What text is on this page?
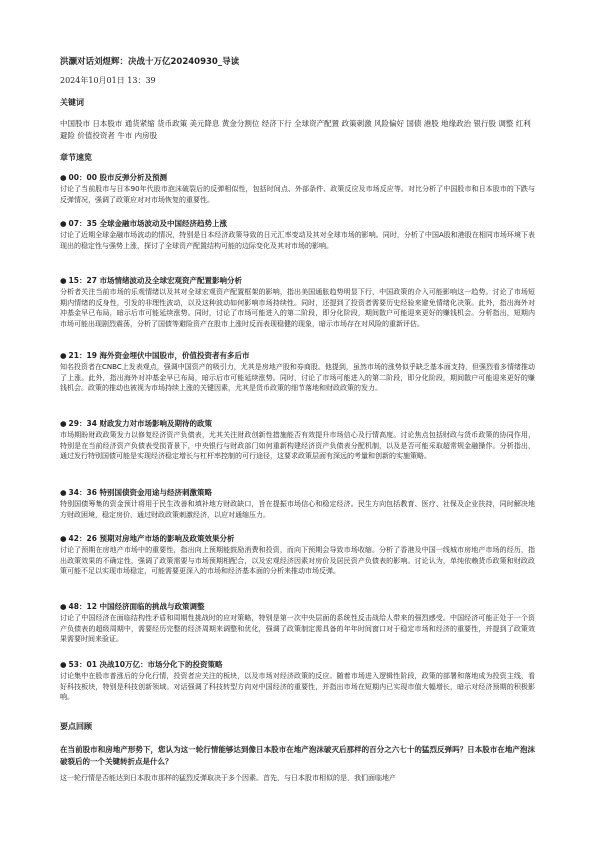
洪灏对话刘煜辉：决战十万亿20240930_导读
2024年10月01日 13：39
关键词
中国股市 日本股市 通货紧缩 货币政策 美元降息 黄金分割位 经济下行 全球资产配置 政策刺激 风险偏好 国债 港股 地缘政治 银行股 调整 红利 避险 价值投资者 牛市 内房股
章节速览
● 00：00 股市反弹分析及预测
讨论了当前股市与日本90年代股市泡沫破裂后的反弹相似性，包括时间点、外部条件、政策反应及市场反应等。对比分析了中国股市和日本股市的下跌与反弹情况，强调了政策应对对市场恢复的重要性。
● 07：35 全球金融市场波动及中国经济趋势上涨
讨论了近期全球金融市场波动的情况，特别是日本经济政策导致的日元汇率变动及其对全球市场的影响。同时，分析了中国A股和港股在相同市场环境下表现出的稳定性与强势上涨，探讨了全球资产配置结构可能的边际变化及其对市场的影响。
● 15：27 市场情绪波动及全球宏观资产配置影响分析
分析者关注当前市场的乐观情绪以及其对全球宏观资产配置框架的影响，指出美国通胀趋势明显下行，中国政策的介入可能影响这一趋势。讨论了市场短期内情绪的反身性，引发的非理性波动，以及这种波动如何影响市场持续性。同时，还提到了投资者需要历史经验来避免情绪化决策。此外，指出海外对冲基金早已布局，暗示后市可能延续涨势。同时，讨论了市场可能进入的第二阶段，即分化阶段，期间散户可能迎来更好的赚钱机会。分析指出，短期内市场可能出现剧烈震荡，分析了国债等避险资产在股市上涨时反而表现稳健的现象，暗示市场存在对风险的重新评估。
● 21：19 海外资金埋伏中国股市，价值投资者有多后市
知名投资者在CNBC上发表观点，强调中国资产的吸引力，尤其是房地产股和券商股。他提到，虽然市场的涨势似乎缺乏基本面支持，但强烈看多情绪推动了上涨。此外，指出海外对冲基金早已布局，暗示后市可能延续涨势。同时，讨论了市场可能进入的第二阶段，即分化阶段，期间散户可能迎来更好的赚钱机会。政策的推动也被视为市场持续上涨的关键因素，尤其是货币政策的细节落地和财政政策的发力。
● 29：34 财政发力对市场影响及期待的政策
市场期盼财政政策发力以修复经济资产负债表，尤其关注财政创新性措施能否有效提升市场信心及行情高度。讨论焦点包括财政与货币政策的协同作用，特别是在当前经济资产负债表受损背景下，中央银行与财政部门如何重新构建经济资产负债表分配机制，以及是否可能采取超常规金融操作。分析指出，通过发行特别国债可能是实现经济稳定增长与杠杆率控制的可行途径，这要求政策层面有深远的考量和创新的实施策略。
● 34：36 特别国债资金用途与经济刺激策略
特别国债筹集的资金预计将用于民生改善和填补地方财政缺口，旨在提振市场信心和稳定经济。民生方向包括教育、医疗、社保及企业扶持，同时解决地方财政困境，稳定房价，通过财政政策刺激经济，以应对通缩压力。
● 42：26 预期对房地产市场的影响及政策效果分析
讨论了预期在房地产市场中的重要性，指出向上预期能鼓励消费和投资，而向下预期会导致市场收缩。分析了香港及中国一线城市房地产市场的经历，指出政策效果的不确定性，强调了政策需要与市场预期相配合，以及宏观经济因素对房价及居民资产负债表的影响。讨论认为，单纯依赖货币政策和财政政策可能不足以实现市场稳定，可能需要更深入的市场和经济基本面的分析来推动市场反弹。
● 48：12 中国经济面临的挑战与政策调整
讨论了中国经济在面临结构性矛盾和周期性挑战时的应对策略，特别是第一次中央层面的系统性反击战给人带来的强烈感受。中国经济可能正处于一个资产负债表的超级周期中，需要经历完整的经济周期来调整和优化，强调了政策制定需具备的年年时间窗口对于稳定市场和经济的重要性，并提到了政策效果需要时间来验证。
● 53：01 决战10万亿：市场分化下的投资策略
讨论集中在股市普涨后的分化行情，投资者应关注的板块，以及市场对经济政策的反应。随着市场进入逻辑性阶段，政策的部署和落地成为投资主线，看好科技板块，特别是科技创新领域。对话强调了科技转型方向对中国经济的重要性，并指出市场在短期内已实现市值大幅增长，暗示对经济预期的积极影响。
要点回顾
在当前股市和房地产形势下，您认为这一轮行情能够达到像日本股市在地产泡沫破灭后那样的百分之六七十的猛烈反弹吗？日本股市在地产泡沫破裂后的一个关键转折点是什么？
这一轮行情是否能达到日本股市那样的猛烈反弹取决于多个因素。首先，与日本股市相似的是，我们面临地产
